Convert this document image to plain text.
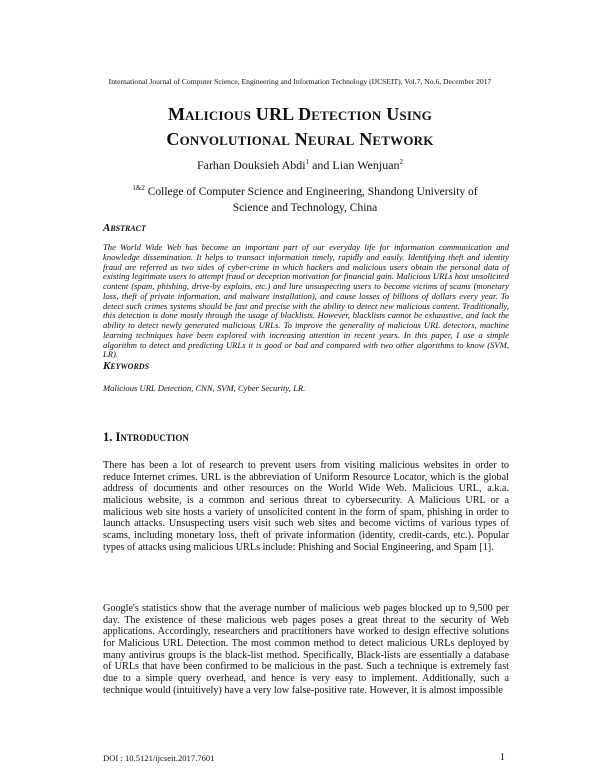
International Journal of Computer Science, Engineering and Information Technology (IJCSEIT), Vol.7, No.6, December 2017
Malicious URL Detection Using
Convolutional Neural Network
Farhan Douksieh Abdi$^1$ and Lian Wenjuan$^2$
$^{1\&2}$ College of Computer Science and Engineering, Shandong University of Science and Technology, China
Abstract
The World Wide Web has become an important part of our everyday life for information communication and knowledge dissemination. It helps to transact information timely, rapidly and easily. Identifying theft and identity fraud are referred as two sides of cyber-crime in which hackers and malicious users obtain the personal data of existing legitimate users to attempt fraud or deception motivation for financial gain. Malicious URLs host unsolicited content (spam, phishing, drive-by exploits, etc.) and lure unsuspecting users to become victims of scams (monetary loss, theft of private information, and malware installation), and cause losses of billions of dollars every year. To detect such crimes systems should be fast and precise with the ability to detect new malicious content. Traditionally, this detection is done mostly through the usage of blacklists. However, blacklists cannot be exhaustive, and lack the ability to detect newly generated malicious URLs. To improve the generality of malicious URL detectors, machine learning techniques have been explored with increasing attention in recent years. In this paper, I use a simple algorithm to detect and predicting URLs it is good or bad and compared with two other algorithms to know (SVM, LR).
Keywords
Malicious URL Detection, CNN, SVM, Cyber Security, LR.
1. Introduction
There has been a lot of research to prevent users from visiting malicious websites in order to reduce Internet crimes. URL is the abbreviation of Uniform Resource Locator, which is the global address of documents and other resources on the World Wide Web. Malicious URL, a.k.a. malicious website, is a common and serious threat to cybersecurity. A Malicious URL or a malicious web site hosts a variety of unsolicited content in the form of spam, phishing in order to launch attacks. Unsuspecting users visit such web sites and become victims of various types of scams, including monetary loss, theft of private information (identity, credit-cards, etc.). Popular types of attacks using malicious URLs include: Phishing and Social Engineering, and Spam [1].
Google's statistics show that the average number of malicious web pages blocked up to 9,500 per day. The existence of these malicious web pages poses a great threat to the security of Web applications. Accordingly, researchers and practitioners have worked to design effective solutions for Malicious URL Detection. The most common method to detect malicious URLs deployed by many antivirus groups is the black-list method. Specifically, Black-lists are essentially a database of URLs that have been confirmed to be malicious in the past. Such a technique is extremely fast due to a simple query overhead, and hence is very easy to implement. Additionally, such a technique would (intuitively) have a very low false-positive rate. However, it is almost impossible
DOI : 10.5121/ijcseit.2017.7601	1
